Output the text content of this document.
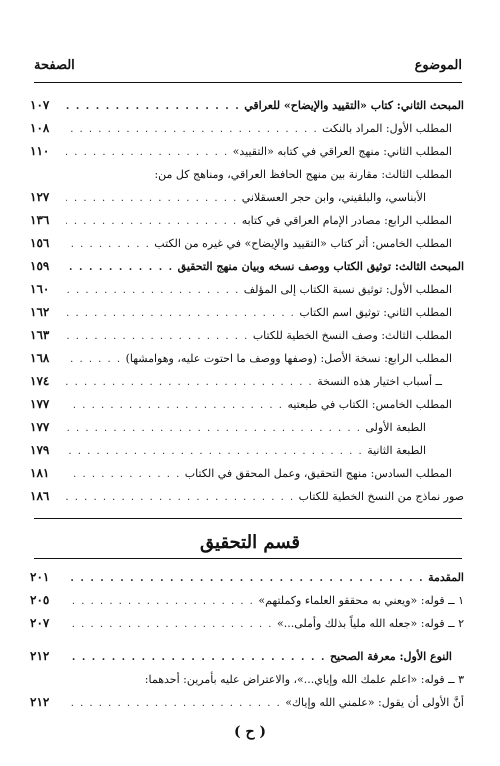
الموضوع
الصفحة
المبحث الثاني: كتاب «التقييد والإيضاح» للعراقي
. . .
١٠٧
المطلب الأول: المراد بالنكت
. . .
١٠٨
المطلب الثاني: منهج العراقي في كتابه «التقييد»
. . .
١١٠
المطلب الثالث: مقارنة بين منهج الحافظ العراقي، ومناهج كل من:
الأبناسي، والبلقيني، وابن حجر العسقلاني
. . .
١٢٧
المطلب الرابع: مصادر الإمام العراقي في كتابه
. . .
١٣٦
المطلب الخامس: أثر كتاب «التقييد والإيضاح» في غيره من الكتب
. . .
١٥٦
المبحث الثالث: توثيق الكتاب ووصف نسخه وبيان منهج التحقيق
. . .
١٥٩
المطلب الأول: توثيق نسبة الكتاب إلى المؤلف
. . .
١٦٠
المطلب الثاني: توثيق اسم الكتاب
. . .
١٦٢
المطلب الثالث: وصف النسخ الخطية للكتاب
. . .
١٦٣
المطلب الرابع: نسخة الأصل: (وصفها ووصف ما احتوت عليه، وهوامشها)
. . .
١٦٨
ــ أسباب اختيار هذه النسخة
. . .
١٧٤
المطلب الخامس: الكتاب في طبعتيه
. . .
١٧٧
الطبعة الأولى
. . .
١٧٧
الطبعة الثانية
. . .
١٧٩
المطلب السادس: منهج التحقيق، وعمل المحقق في الكتاب
. . .
١٨١
صور نماذج من النسخ الخطية للكتاب
. . .
١٨٦
قسم التحقيق
المقدمة
. . .
٢٠١
١ ــ قوله: «ويعني به محققو العلماء وكملتهم»
. . .
٢٠٥
٢ ــ قوله: «جعله الله ملياً بذلك وأملى...»
. . .
٢٠٧
النوع الأول: معرفة الصحيح
. . .
٢١٢
٣ ــ قوله: «اعلم علمك الله وإياي...»، والاعتراض عليه بأمرين: أحدهما:
أنَّ الأولى أن يقول: «علمني الله وإياك»
. . .
٢١٢
( ح )
